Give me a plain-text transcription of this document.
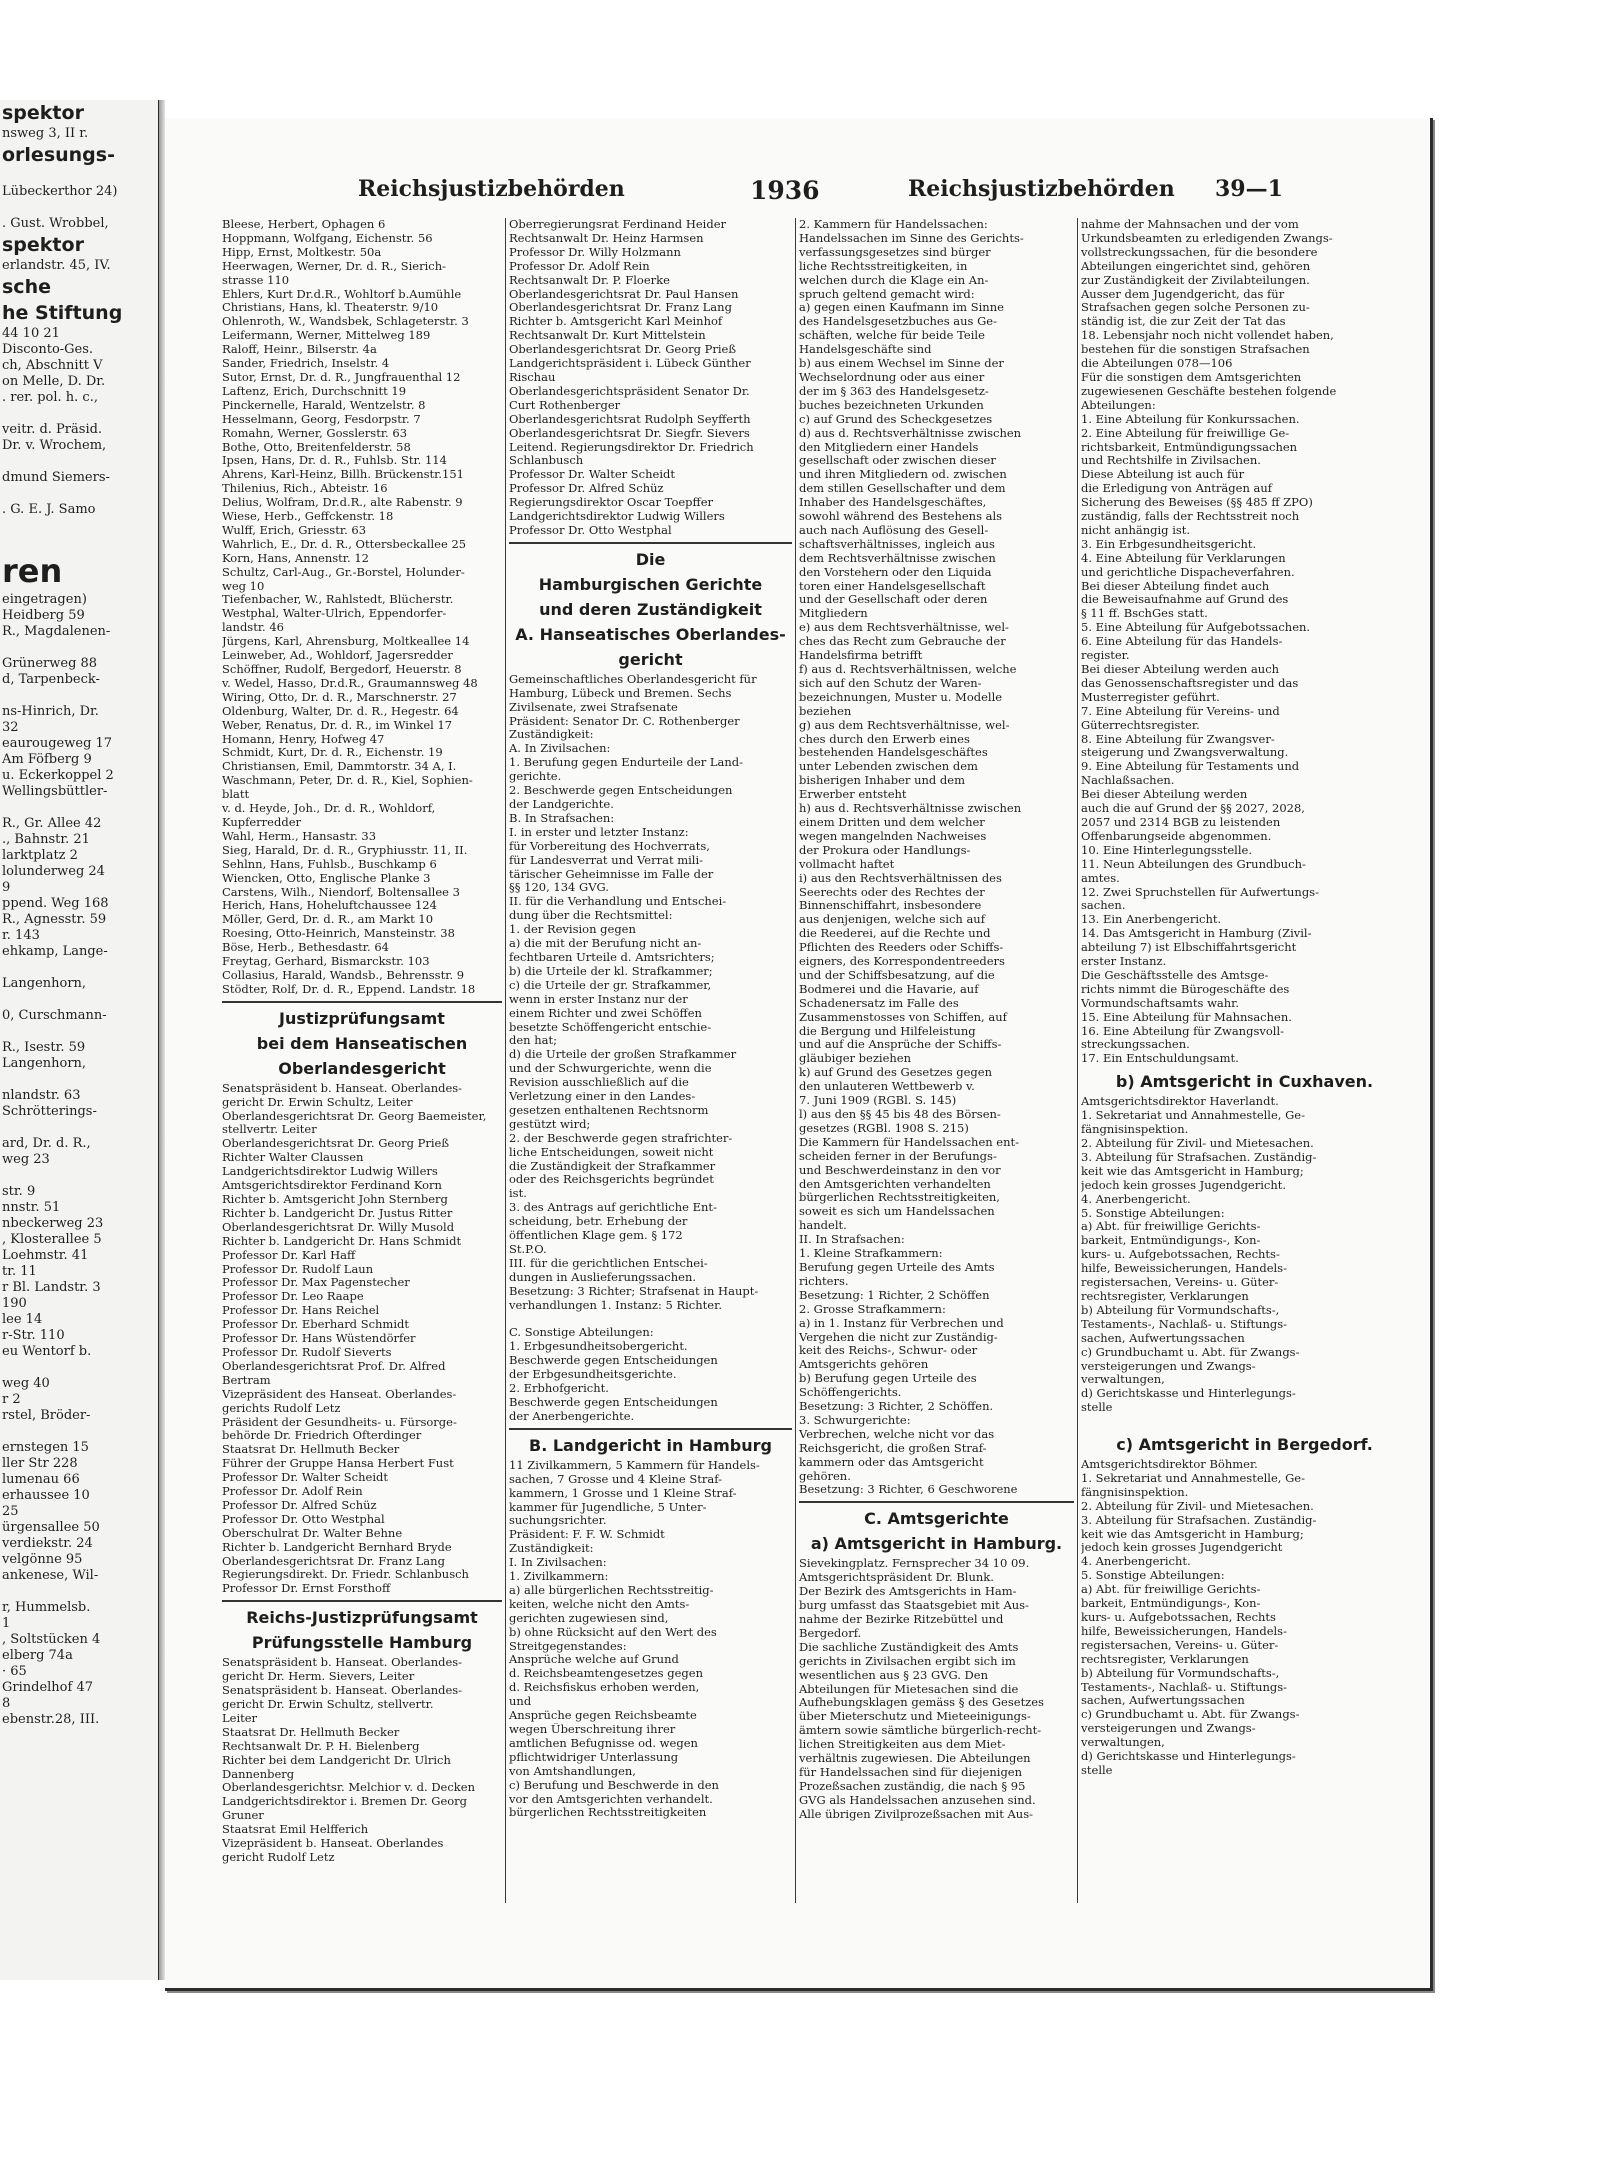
spektor
nsweg 3, II r.
orlesungs-

Lübeckerthor 24)

. Gust. Wrobbel,
spektor
erlandstr. 45, IV.
sche
he Stiftung
44 10 21
Disconto-Ges.
ch, Abschnitt V
on Melle, D. Dr.
. rer. pol. h. c.,

veitr. d. Präsid.
Dr. v. Wrochem,

dmund Siemers-

. G. E. J. Samo

ren
eingetragen)
Heidberg 59
R., Magdalenen-

Grünerweg 88
d, Tarpenbeck-

ns-Hinrich, Dr.
32
eaurougeweg 17
Am Föfberg 9
u. Eckerkoppel 2
Wellingsbüttler-

R., Gr. Allee 42
., Bahnstr. 21
larktplatz 2
lolunderweg 24
9
ppend. Weg 168
R., Agnesstr. 59
r. 143
ehkamp, Lange-

Langenhorn,

0, Curschmann-

R., Isestr. 59
Langenhorn,

nlandstr. 63
Schrötterings-

ard, Dr. d. R.,
weg 23

str. 9
nnstr. 51
nbeckerweg 23
, Klosterallee 5
Loehmstr. 41
tr. 11
r Bl. Landstr. 3
190
lee 14
r-Str. 110
eu Wentorf b.

weg 40
r 2
rstel, Bröder-

ernstegen 15
ller Str 228
lumenau 66
erhaussee 10
25
ürgensallee 50
verdiekstr. 24
velgönne 95
ankenese, Wil-

r, Hummelsb.
1
, Soltstücken 4
elberg 74a
· 65
Grindelhof 47
8
ebenstr.28, III.
Reichsjustizbehörden	1936	Reichsjustizbehörden 39—1
Bleese, Herbert, Ophagen 6
Hoppmann, Wolfgang, Eichenstr. 56
Hipp, Ernst, Moltkestr. 50a
Heerwagen, Werner, Dr. d. R., Sierich-
strasse 110
Ehlers, Kurt Dr.d.R., Wohltorf b.Aumühle
Christians, Hans, kl. Theaterstr. 9/10
Ohlenroth, W., Wandsbek, Schlageterstr. 3
Leifermann, Werner, Mittelweg 189
Raloff, Heinr., Bilserstr. 4a
Sander, Friedrich, Inselstr. 4
Sutor, Ernst, Dr. d. R., Jungfrauenthal 12
Laftenz, Erich, Durchschnitt 19
Pinckernelle, Harald, Wentzelstr. 8
Hesselmann, Georg, Fesdorpstr. 7
Romahn, Werner, Gosslerstr. 63
Bothe, Otto, Breitenfelderstr. 58
Ipsen, Hans, Dr. d. R., Fuhlsb. Str. 114
Ahrens, Karl-Heinz, Billh. Brückenstr.151
Thilenius, Rich., Abteistr. 16
Delius, Wolfram, Dr.d.R., alte Rabenstr. 9
Wiese, Herb., Geffckenstr. 18
Wulff, Erich, Griesstr. 63
Wahrlich, E., Dr. d. R., Ottersbeckallee 25
Korn, Hans, Annenstr. 12
Schultz, Carl-Aug., Gr.-Borstel, Holunder-
weg 10
Tiefenbacher, W., Rahlstedt, Blücherstr.
Westphal, Walter-Ulrich, Eppendorfer-
landstr. 46
Jürgens, Karl, Ahrensburg, Moltkeallee 14
Leinweber, Ad., Wohldorf, Jagersredder
Schöffner, Rudolf, Bergedorf, Heuerstr. 8
v. Wedel, Hasso, Dr.d.R., Graumannsweg 48
Wiring, Otto, Dr. d. R., Marschnerstr. 27
Oldenburg, Walter, Dr. d. R., Hegestr. 64
Weber, Renatus, Dr. d. R., im Winkel 17
Homann, Henry, Hofweg 47
Schmidt, Kurt, Dr. d. R., Eichenstr. 19
Christiansen, Emil, Dammtorstr. 34 A, I.
Waschmann, Peter, Dr. d. R., Kiel, Sophien-
blatt
v. d. Heyde, Joh., Dr. d. R., Wohldorf,
Kupferredder
Wahl, Herm., Hansastr. 33
Sieg, Harald, Dr. d. R., Gryphiusstr. 11, II.
Sehlnn, Hans, Fuhlsb., Buschkamp 6
Wiencken, Otto, Englische Planke 3
Carstens, Wilh., Niendorf, Boltensallee 3
Herich, Hans, Hoheluftchaussee 124
Möller, Gerd, Dr. d. R., am Markt 10
Roesing, Otto-Heinrich, Mansteinstr. 38
Böse, Herb., Bethesdastr. 64
Freytag, Gerhard, Bismarckstr. 103
Collasius, Harald, Wandsb., Behrensstr. 9
Stödter, Rolf, Dr. d. R., Eppend. Landstr. 18
Justizprüfungsamt
bei dem Hanseatischen
Oberlandesgericht
Senatspräsident b. Hanseat. Oberlandes-
gericht Dr. Erwin Schultz, Leiter
Oberlandesgerichtsrat Dr. Georg Baemeister,
stellvertr. Leiter
Oberlandesgerichtsrat Dr. Georg Prieß
Richter Walter Claussen
Landgerichtsdirektor Ludwig Willers
Amtsgerichtsdirektor Ferdinand Korn
Richter b. Amtsgericht John Sternberg
Richter b. Landgericht Dr. Justus Ritter
Oberlandesgerichtsrat Dr. Willy Musold
Richter b. Landgericht Dr. Hans Schmidt
Professor Dr. Karl Haff
Professor Dr. Rudolf Laun
Professor Dr. Max Pagenstecher
Professor Dr. Leo Raape
Professor Dr. Hans Reichel
Professor Dr. Eberhard Schmidt
Professor Dr. Hans Wüstendörfer
Professor Dr. Rudolf Sieverts
Oberlandesgerichtsrat Prof. Dr. Alfred
Bertram
Vizepräsident des Hanseat. Oberlandes-
gerichts Rudolf Letz
Präsident der Gesundheits- u. Fürsorge-
behörde Dr. Friedrich Ofterdinger
Staatsrat Dr. Hellmuth Becker
Führer der Gruppe Hansa Herbert Fust
Professor Dr. Walter Scheidt
Professor Dr. Adolf Rein
Professor Dr. Alfred Schüz
Professor Dr. Otto Westphal
Oberschulrat Dr. Walter Behne
Richter b. Landgericht Bernhard Bryde
Oberlandesgerichtsrat Dr. Franz Lang
Regierungsdirekt. Dr. Friedr. Schlanbusch
Professor Dr. Ernst Forsthoff
Reichs-Justizprüfungsamt
Prüfungsstelle Hamburg
Senatspräsident b. Hanseat. Oberlandes-
gericht Dr. Herm. Sievers, Leiter
Senatspräsident b. Hanseat. Oberlandes-
gericht Dr. Erwin Schultz, stellvertr.
Leiter
Staatsrat Dr. Hellmuth Becker
Rechtsanwalt Dr. P. H. Bielenberg
Richter bei dem Landgericht Dr. Ulrich
Dannenberg
Oberlandesgerichtsr. Melchior v. d. Decken
Landgerichtsdirektor i. Bremen Dr. Georg
Gruner
Staatsrat Emil Helfferich
Vizepräsident b. Hanseat. Oberlandes
gericht Rudolf Letz
Oberregierungsrat Ferdinand Heider
Rechtsanwalt Dr. Heinz Harmsen
Professor Dr. Willy Holzmann
Professor Dr. Adolf Rein
Rechtsanwalt Dr. P. Floerke
Oberlandesgerichtsrat Dr. Paul Hansen
Oberlandesgerichtsrat Dr. Franz Lang
Richter b. Amtsgericht Karl Meinhof
Rechtsanwalt Dr. Kurt Mittelstein
Oberlandesgerichtsrat Dr. Georg Prieß
Landgerichtspräsident i. Lübeck Günther
Rischau
Oberlandesgerichtspräsident Senator Dr.
Curt Rothenberger
Oberlandesgerichtsrat Rudolph Seyfferth
Oberlandesgerichtsrat Dr. Siegfr. Sievers
Leitend. Regierungsdirektor Dr. Friedrich
Schlanbusch
Professor Dr. Walter Scheidt
Professor Dr. Alfred Schüz
Regierungsdirektor Oscar Toepffer
Landgerichtsdirektor Ludwig Willers
Professor Dr. Otto Westphal
Die
Hamburgischen Gerichte
und deren Zuständigkeit
A. Hanseatisches Oberlandes-
gericht
Gemeinschaftliches Oberlandesgericht für
Hamburg, Lübeck und Bremen. Sechs
Zivilsenate, zwei Strafsenate
Präsident: Senator Dr. C. Rothenberger
Zuständigkeit:
A. In Zivilsachen:
1. Berufung gegen Endurteile der Land-
gerichte.
2. Beschwerde gegen Entscheidungen
der Landgerichte.
B. In Strafsachen:
I. in erster und letzter Instanz:
für Vorbereitung des Hochverrats,
für Landesverrat und Verrat mili-
tärischer Geheimnisse im Falle der
§§ 120, 134 GVG.
II. für die Verhandlung und Entschei-
dung über die Rechtsmittel:
1. der Revision gegen
a) die mit der Berufung nicht an-
fechtbaren Urteile d. Amtsrichters;
b) die Urteile der kl. Strafkammer;
c) die Urteile der gr. Strafkammer,
wenn in erster Instanz nur der
einem Richter und zwei Schöffen
besetzte Schöffengericht entschie-
den hat;
d) die Urteile der großen Strafkammer
und der Schwurgerichte, wenn die
Revision ausschließlich auf die
Verletzung einer in den Landes-
gesetzen enthaltenen Rechtsnorm
gestützt wird;
2. der Beschwerde gegen strafrichter-
liche Entscheidungen, soweit nicht
die Zuständigkeit der Strafkammer
oder des Reichsgerichts begründet
ist.
3. des Antrags auf gerichtliche Ent-
scheidung, betr. Erhebung der
öffentlichen Klage gem. § 172
St.P.O.
III. für die gerichtlichen Entschei-
dungen in Auslieferungssachen.
Besetzung: 3 Richter; Strafsenat in Haupt-
verhandlungen 1. Instanz: 5 Richter.

C. Sonstige Abteilungen:
1. Erbgesundheitsobergericht.
Beschwerde gegen Entscheidungen
der Erbgesundheitsgerichte.
2. Erbhofgericht.
Beschwerde gegen Entscheidungen
der Anerbengerichte.
B. Landgericht in Hamburg
11 Zivilkammern, 5 Kammern für Handels-
sachen, 7 Grosse und 4 Kleine Straf-
kammern, 1 Grosse und 1 Kleine Straf-
kammer für Jugendliche, 5 Unter-
suchungsrichter.
Präsident: F. F. W. Schmidt
Zuständigkeit:
I. In Zivilsachen:
1. Zivilkammern:
a) alle bürgerlichen Rechtsstreitig-
keiten, welche nicht den Amts-
gerichten zugewiesen sind,
b) ohne Rücksicht auf den Wert des
Streitgegenstandes:
Ansprüche welche auf Grund
d. Reichsbeamtengesetzes gegen
d. Reichsfiskus erhoben werden,
und
Ansprüche gegen Reichsbeamte
wegen Überschreitung ihrer
amtlichen Befugnisse od. wegen
pflichtwidriger Unterlassung
von Amtshandlungen,
c) Berufung und Beschwerde in den
vor den Amtsgerichten verhandelt.
bürgerlichen Rechtsstreitigkeiten
2. Kammern für Handelssachen:
Handelssachen im Sinne des Gerichts-
verfassungsgesetzes sind bürger
liche Rechtsstreitigkeiten, in
welchen durch die Klage ein An-
spruch geltend gemacht wird:
a) gegen einen Kaufmann im Sinne
des Handelsgesetzbuches aus Ge-
schäften, welche für beide Teile
Handelsgeschäfte sind
b) aus einem Wechsel im Sinne der
Wechselordnung oder aus einer
der im § 363 des Handelsgesetz-
buches bezeichneten Urkunden
c) auf Grund des Scheckgesetzes
d) aus d. Rechtsverhältnisse zwischen
den Mitgliedern einer Handels
gesellschaft oder zwischen dieser
und ihren Mitgliedern od. zwischen
dem stillen Gesellschafter und dem
Inhaber des Handelsgeschäftes,
sowohl während des Bestehens als
auch nach Auflösung des Gesell-
schaftsverhältnisses, ingleich aus
dem Rechtsverhältnisse zwischen
den Vorstehern oder den Liquida
toren einer Handelsgesellschaft
und der Gesellschaft oder deren
Mitgliedern
e) aus dem Rechtsverhältnisse, wel-
ches das Recht zum Gebrauche der
Handelsfirma betrifft
f) aus d. Rechtsverhältnissen, welche
sich auf den Schutz der Waren-
bezeichnungen, Muster u. Modelle
beziehen
g) aus dem Rechtsverhältnisse, wel-
ches durch den Erwerb eines
bestehenden Handelsgeschäftes
unter Lebenden zwischen dem
bisherigen Inhaber und dem
Erwerber entsteht
h) aus d. Rechtsverhältnisse zwischen
einem Dritten und dem welcher
wegen mangelnden Nachweises
der Prokura oder Handlungs-
vollmacht haftet
i) aus den Rechtsverhältnissen des
Seerechts oder des Rechtes der
Binnenschiffahrt, insbesondere
aus denjenigen, welche sich auf
die Reederei, auf die Rechte und
Pflichten des Reeders oder Schiffs-
eigners, des Korrespondentreeders
und der Schiffsbesatzung, auf die
Bodmerei und die Havarie, auf
Schadenersatz im Falle des
Zusammenstosses von Schiffen, auf
die Bergung und Hilfeleistung
und auf die Ansprüche der Schiffs-
gläubiger beziehen
k) auf Grund des Gesetzes gegen
den unlauteren Wettbewerb v.
7. Juni 1909 (RGBl. S. 145)
l) aus den §§ 45 bis 48 des Börsen-
gesetzes (RGBl. 1908 S. 215)
Die Kammern für Handelssachen ent-
scheiden ferner in der Berufungs-
und Beschwerdeinstanz in den vor
den Amtsgerichten verhandelten
bürgerlichen Rechtsstreitigkeiten,
soweit es sich um Handelssachen
handelt.
II. In Strafsachen:
1. Kleine Strafkammern:
Berufung gegen Urteile des Amts
richters.
Besetzung: 1 Richter, 2 Schöffen
2. Grosse Strafkammern:
a) in 1. Instanz für Verbrechen und
Vergehen die nicht zur Zuständig-
keit des Reichs-, Schwur- oder
Amtsgerichts gehören
b) Berufung gegen Urteile des
Schöffengerichts.
Besetzung: 3 Richter, 2 Schöffen.
3. Schwurgerichte:
Verbrechen, welche nicht vor das
Reichsgericht, die großen Straf-
kammern oder das Amtsgericht
gehören.
Besetzung: 3 Richter, 6 Geschworene
C. Amtsgerichte
a) Amtsgericht in Hamburg.
Sievekingplatz. Fernsprecher 34 10 09.
Amtsgerichtspräsident Dr. Blunk.
Der Bezirk des Amtsgerichts in Ham-
burg umfasst das Staatsgebiet mit Aus-
nahme der Bezirke Ritzebüttel und
Bergedorf.
Die sachliche Zuständigkeit des Amts
gerichts in Zivilsachen ergibt sich im
wesentlichen aus § 23 GVG. Den
Abteilungen für Mietesachen sind die
Aufhebungsklagen gemäss § des Gesetzes
über Mieterschutz und Mieteeinigungs-
ämtern sowie sämtliche bürgerlich-recht-
lichen Streitigkeiten aus dem Miet-
verhältnis zugewiesen. Die Abteilungen
für Handelssachen sind für diejenigen
Prozeßsachen zuständig, die nach § 95
GVG als Handelssachen anzusehen sind.
Alle übrigen Zivilprozeßsachen mit Aus-
nahme der Mahnsachen und der vom
Urkundsbeamten zu erledigenden Zwangs-
vollstreckungssachen, für die besondere
Abteilungen eingerichtet sind, gehören
zur Zuständigkeit der Zivilabteilungen.
Ausser dem Jugendgericht, das für
Strafsachen gegen solche Personen zu-
ständig ist, die zur Zeit der Tat das
18. Lebensjahr noch nicht vollendet haben,
bestehen für die sonstigen Strafsachen
die Abteilungen 078—106
Für die sonstigen dem Amtsgerichten
zugewiesenen Geschäfte bestehen folgende
Abteilungen:
1. Eine Abteilung für Konkurssachen.
2. Eine Abteilung für freiwillige Ge-
richtsbarkeit, Entmündigungssachen
und Rechtshilfe in Zivilsachen.
Diese Abteilung ist auch für
die Erledigung von Anträgen auf
Sicherung des Beweises (§§ 485 ff ZPO)
zuständig, falls der Rechtsstreit noch
nicht anhängig ist.
3. Ein Erbgesundheitsgericht.
4. Eine Abteilung für Verklarungen
und gerichtliche Dispacheverfahren.
Bei dieser Abteilung findet auch
die Beweisaufnahme auf Grund des
§ 11 ff. BschGes statt.
5. Eine Abteilung für Aufgebotssachen.
6. Eine Abteilung für das Handels-
register.
Bei dieser Abteilung werden auch
das Genossenschaftsregister und das
Musterregister geführt.
7. Eine Abteilung für Vereins- und
Güterrechtsregister.
8. Eine Abteilung für Zwangsver-
steigerung und Zwangsverwaltung.
9. Eine Abteilung für Testaments und
Nachlaßsachen.
Bei dieser Abteilung werden
auch die auf Grund der §§ 2027, 2028,
2057 und 2314 BGB zu leistenden
Offenbarungseide abgenommen.
10. Eine Hinterlegungsstelle.
11. Neun Abteilungen des Grundbuch-
amtes.
12. Zwei Spruchstellen für Aufwertungs-
sachen.
13. Ein Anerbengericht.
14. Das Amtsgericht in Hamburg (Zivil-
abteilung 7) ist Elbschiffahrtsgericht
erster Instanz.
Die Geschäftsstelle des Amtsge-
richts nimmt die Bürogeschäfte des
Vormundschaftsamts wahr.
15. Eine Abteilung für Mahnsachen.
16. Eine Abteilung für Zwangsvoll-
streckungssachen.
17. Ein Entschuldungsamt.
b) Amtsgericht in Cuxhaven.
Amtsgerichtsdirektor Haverlandt.
1. Sekretariat und Annahmestelle, Ge-
fängnisinspektion.
2. Abteilung für Zivil- und Mietesachen.
3. Abteilung für Strafsachen. Zuständig-
keit wie das Amtsgericht in Hamburg;
jedoch kein grosses Jugendgericht.
4. Anerbengericht.
5. Sonstige Abteilungen:
a) Abt. für freiwillige Gerichts-
barkeit, Entmündigungs-, Kon-
kurs- u. Aufgebotssachen, Rechts-
hilfe, Beweissicherungen, Handels-
registersachen, Vereins- u. Güter-
rechtsregister, Verklarungen
b) Abteilung für Vormundschafts-,
Testaments-, Nachlaß- u. Stiftungs-
sachen, Aufwertungssachen
c) Grundbuchamt u. Abt. für Zwangs-
versteigerungen und Zwangs-
verwaltungen,
d) Gerichtskasse und Hinterlegungs-
stelle

c) Amtsgericht in Bergedorf.
Amtsgerichtsdirektor Böhmer.
1. Sekretariat und Annahmestelle, Ge-
fängnisinspektion.
2. Abteilung für Zivil- und Mietesachen.
3. Abteilung für Strafsachen. Zuständig-
keit wie das Amtsgericht in Hamburg;
jedoch kein grosses Jugendgericht
4. Anerbengericht.
5. Sonstige Abteilungen:
a) Abt. für freiwillige Gerichts-
barkeit, Entmündigungs-, Kon-
kurs- u. Aufgebotssachen, Rechts
hilfe, Beweissicherungen, Handels-
registersachen, Vereins- u. Güter-
rechtsregister, Verklarungen
b) Abteilung für Vormundschafts-,
Testaments-, Nachlaß- u. Stiftungs-
sachen, Aufwertungssachen
c) Grundbuchamt u. Abt. für Zwangs-
versteigerungen und Zwangs-
verwaltungen,
d) Gerichtskasse und Hinterlegungs-
stelle
